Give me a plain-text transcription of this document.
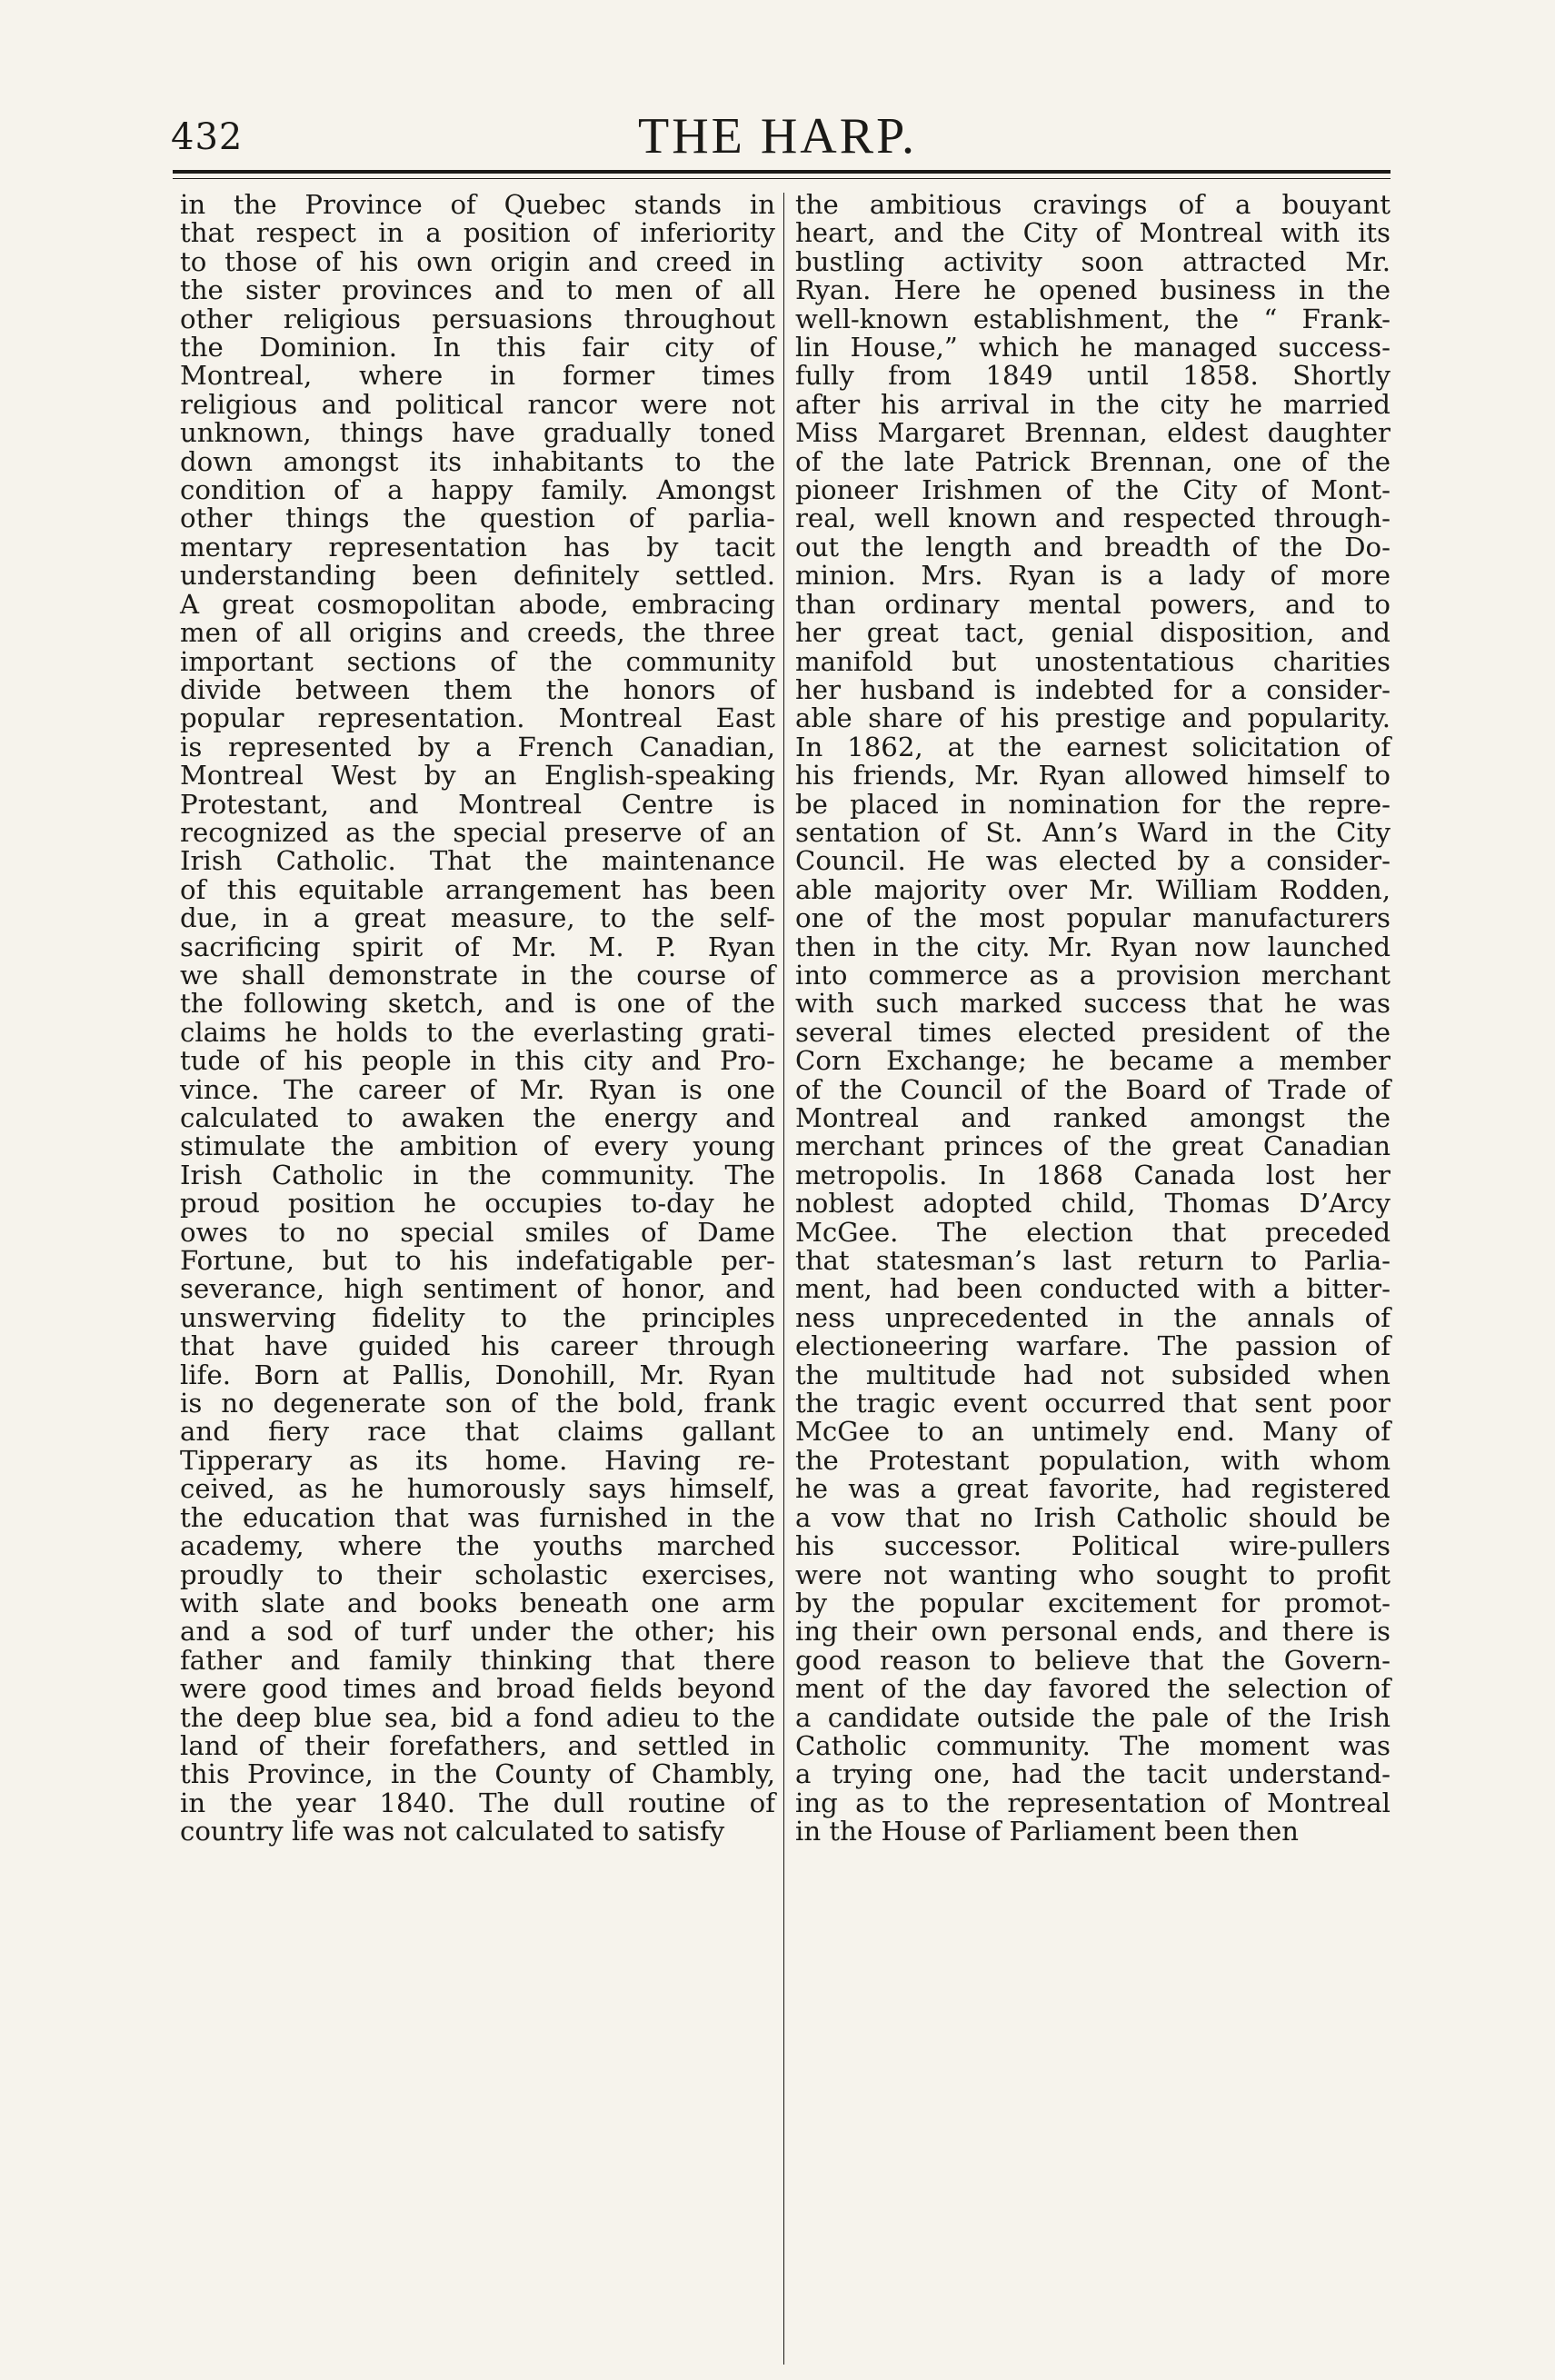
432	THE HARP.
in the Province of Quebec stands in
that respect in a position of inferiority
to those of his own origin and creed in
the sister provinces and to men of all
other religious persuasions throughout
the Dominion. In this fair city of
Montreal, where in former times
religious and political rancor were not
unknown, things have gradually toned
down amongst its inhabitants to the
condition of a happy family. Amongst
other things the question of parlia-
mentary representation has by tacit
understanding been definitely settled.
A great cosmopolitan abode, embracing
men of all origins and creeds, the three
important sections of the community
divide between them the honors of
popular representation. Montreal East
is represented by a French Canadian,
Montreal West by an English-speaking
Protestant, and Montreal Centre is
recognized as the special preserve of an
Irish Catholic. That the maintenance
of this equitable arrangement has been
due, in a great measure, to the self-
sacrificing spirit of Mr. M. P. Ryan
we shall demonstrate in the course of
the following sketch, and is one of the
claims he holds to the everlasting grati-
tude of his people in this city and Pro-
vince. The career of Mr. Ryan is one
calculated to awaken the energy and
stimulate the ambition of every young
Irish Catholic in the community. The
proud position he occupies to-day he
owes to no special smiles of Dame
Fortune, but to his indefatigable per-
severance, high sentiment of honor, and
unswerving fidelity to the principles
that have guided his career through
life. Born at Pallis, Donohill, Mr. Ryan
is no degenerate son of the bold, frank
and fiery race that claims gallant
Tipperary as its home. Having re-
ceived, as he humorously says himself,
the education that was furnished in the
academy, where the youths marched
proudly to their scholastic exercises,
with slate and books beneath one arm
and a sod of turf under the other; his
father and family thinking that there
were good times and broad fields beyond
the deep blue sea, bid a fond adieu to the
land of their forefathers, and settled in
this Province, in the County of Chambly,
in the year 1840. The dull routine of
country life was not calculated to satisfy
the ambitious cravings of a bouyant
heart, and the City of Montreal with its
bustling activity soon attracted Mr.
Ryan. Here he opened business in the
well-known establishment, the “ Frank-
lin House,” which he managed success-
fully from 1849 until 1858. Shortly
after his arrival in the city he married
Miss Margaret Brennan, eldest daughter
of the late Patrick Brennan, one of the
pioneer Irishmen of the City of Mont-
real, well known and respected through-
out the length and breadth of the Do-
minion. Mrs. Ryan is a lady of more
than ordinary mental powers, and to
her great tact, genial disposition, and
manifold but unostentatious charities
her husband is indebted for a consider-
able share of his prestige and popularity.
In 1862, at the earnest solicitation of
his friends, Mr. Ryan allowed himself to
be placed in nomination for the repre-
sentation of St. Ann’s Ward in the City
Council. He was elected by a consider-
able majority over Mr. William Rodden,
one of the most popular manufacturers
then in the city. Mr. Ryan now launched
into commerce as a provision merchant
with such marked success that he was
several times elected president of the
Corn Exchange; he became a member
of the Council of the Board of Trade of
Montreal and ranked amongst the
merchant princes of the great Canadian
metropolis. In 1868 Canada lost her
noblest adopted child, Thomas D’Arcy
McGee. The election that preceded
that statesman’s last return to Parlia-
ment, had been conducted with a bitter-
ness unprecedented in the annals of
electioneering warfare. The passion of
the multitude had not subsided when
the tragic event occurred that sent poor
McGee to an untimely end. Many of
the Protestant population, with whom
he was a great favorite, had registered
a vow that no Irish Catholic should be
his successor. Political wire-pullers
were not wanting who sought to profit
by the popular excitement for promot-
ing their own personal ends, and there is
good reason to believe that the Govern-
ment of the day favored the selection of
a candidate outside the pale of the Irish
Catholic community. The moment was
a trying one, had the tacit understand-
ing as to the representation of Montreal
in the House of Parliament been then
